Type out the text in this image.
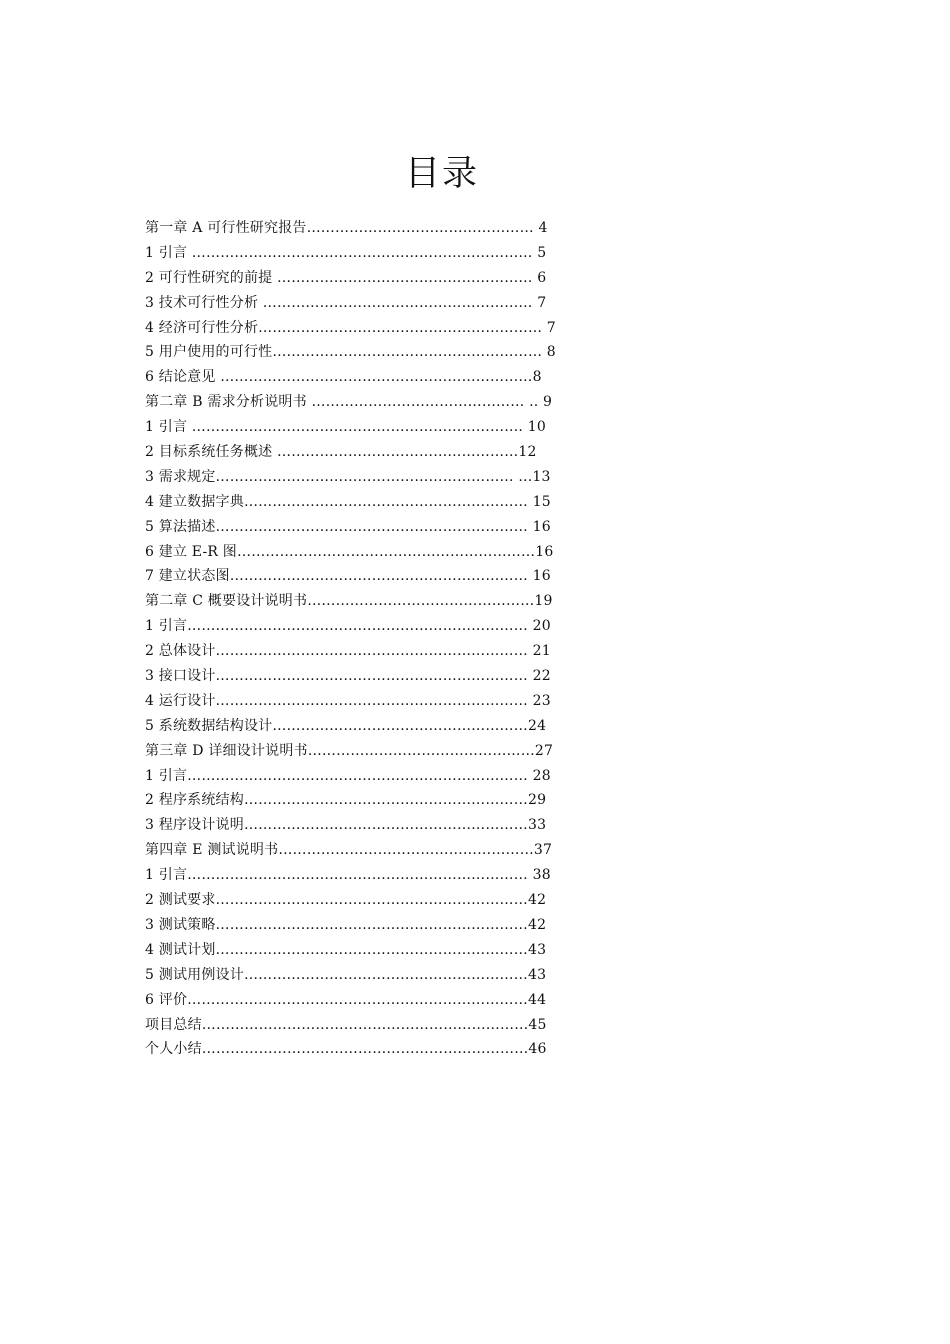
目录
第一章 A 可行性研究报告………………………………………… 4
1 引言 ……………………………………………………………… 5
2 可行性研究的前提 ……………………………………………… 6
3 技术可行性分析 ………………………………………………… 7
4 经济可行性分析…………………………………………………… 7
5 用户使用的可行性………………………………………………… 8
6 结论意见 …………………………………………………………8
第二章 B 需求分析说明书 ……………………………………… .. 9
1 引言 ……………………………………………………………. 10
2 目标系统任务概述 ……………………………………………12
3 需求规定……………………………………………………… ...13
4 建立数据字典…………………………………………………… 15
5 算法描述………………………………………………………… 16
6 建立 E-R 图………………………………………………………16
7 建立状态图……………………………………………………… 16
第二章 C 概要设计说明书…………………………………………19
1 引言……………………………………………………………… 20
2 总体设计………………………………………………………… 21
3 接口设计………………………………………………………… 22
4 运行设计………………………………………………………… 23
5 系统数据结构设计………………………………………………24
第三章 D 详细设计说明书…………………………………………27
1 引言……………………………………………………………… 28
2 程序系统结构……………………………………………………29
3 程序设计说明……………………………………………………33
第四章 E 测试说明书………………………………………………37
1 引言……………………………………………………………… 38
2 测试要求…………………………………………………………42
3 测试策略…………………………………………………………42
4 测试计划…………………………………………………………43
5 测试用例设计……………………………………………………43
6 评价………………………………………………………………44
项目总结……………………………………………………………45
个人小结……………………………………………………………46
